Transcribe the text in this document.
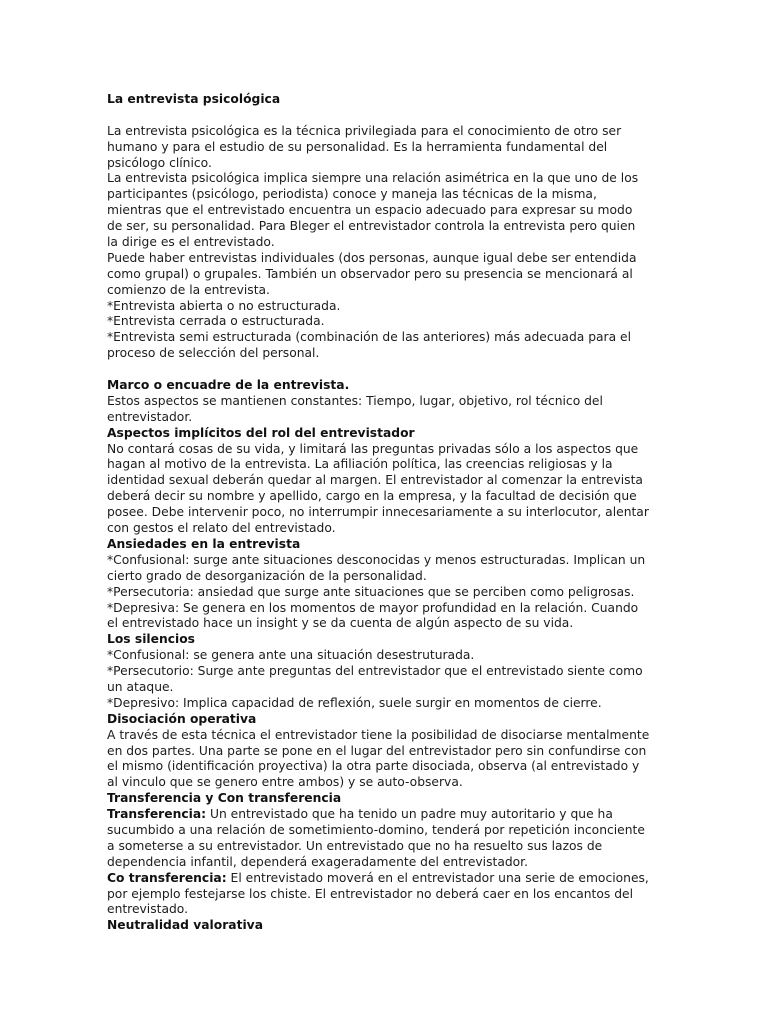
La entrevista psicológica
La entrevista psicológica es la técnica privilegiada para el conocimiento de otro ser
humano y para el estudio de su personalidad. Es la herramienta fundamental del
psicólogo clínico.
La entrevista psicológica implica siempre una relación asimétrica en la que uno de los
participantes (psicólogo, periodista) conoce y maneja las técnicas de la misma,
mientras que el entrevistado encuentra un espacio adecuado para expresar su modo
de ser, su personalidad. Para Bleger el entrevistador controla la entrevista pero quien
la dirige es el entrevistado.
Puede haber entrevistas individuales (dos personas, aunque igual debe ser entendida
como grupal) o grupales. También un observador pero su presencia se mencionará al
comienzo de la entrevista.
*Entrevista abierta o no estructurada.
*Entrevista cerrada o estructurada.
*Entrevista semi estructurada (combinación de las anteriores) más adecuada para el
proceso de selección del personal.
Marco o encuadre de la entrevista.
Estos aspectos se mantienen constantes: Tiempo, lugar, objetivo, rol técnico del
entrevistador.
Aspectos implícitos del rol del entrevistador
No contará cosas de su vida, y limitará las preguntas privadas sólo a los aspectos que
hagan al motivo de la entrevista. La afiliación política, las creencias religiosas y la
identidad sexual deberán quedar al margen. El entrevistador al comenzar la entrevista
deberá decir su nombre y apellido, cargo en la empresa, y la facultad de decisión que
posee. Debe intervenir poco, no interrumpir innecesariamente a su interlocutor, alentar
con gestos el relato del entrevistado.
Ansiedades en la entrevista
*Confusional: surge ante situaciones desconocidas y menos estructuradas. Implican un
cierto grado de desorganización de la personalidad.
*Persecutoria: ansiedad que surge ante situaciones que se perciben como peligrosas.
*Depresiva: Se genera en los momentos de mayor profundidad en la relación. Cuando
el entrevistado hace un insight y se da cuenta de algún aspecto de su vida.
Los silencios
*Confusional: se genera ante una situación desestruturada.
*Persecutorio: Surge ante preguntas del entrevistador que el entrevistado siente como
un ataque.
*Depresivo: Implica capacidad de reflexión, suele surgir en momentos de cierre.
Disociación operativa
A través de esta técnica el entrevistador tiene la posibilidad de disociarse mentalmente
en dos partes. Una parte se pone en el lugar del entrevistador pero sin confundirse con
el mismo (identificación proyectiva) la otra parte disociada, observa (al entrevistado y
al vinculo que se genero entre ambos) y se auto-observa.
Transferencia y Con transferencia
Transferencia: Un entrevistado que ha tenido un padre muy autoritario y que ha
sucumbido a una relación de sometimiento-domino, tenderá por repetición inconciente
a someterse a su entrevistador. Un entrevistado que no ha resuelto sus lazos de
dependencia infantil, dependerá exageradamente del entrevistador.
Co transferencia: El entrevistado moverá en el entrevistador una serie de emociones,
por ejemplo festejarse los chiste. El entrevistador no deberá caer en los encantos del
entrevistado.
Neutralidad valorativa
